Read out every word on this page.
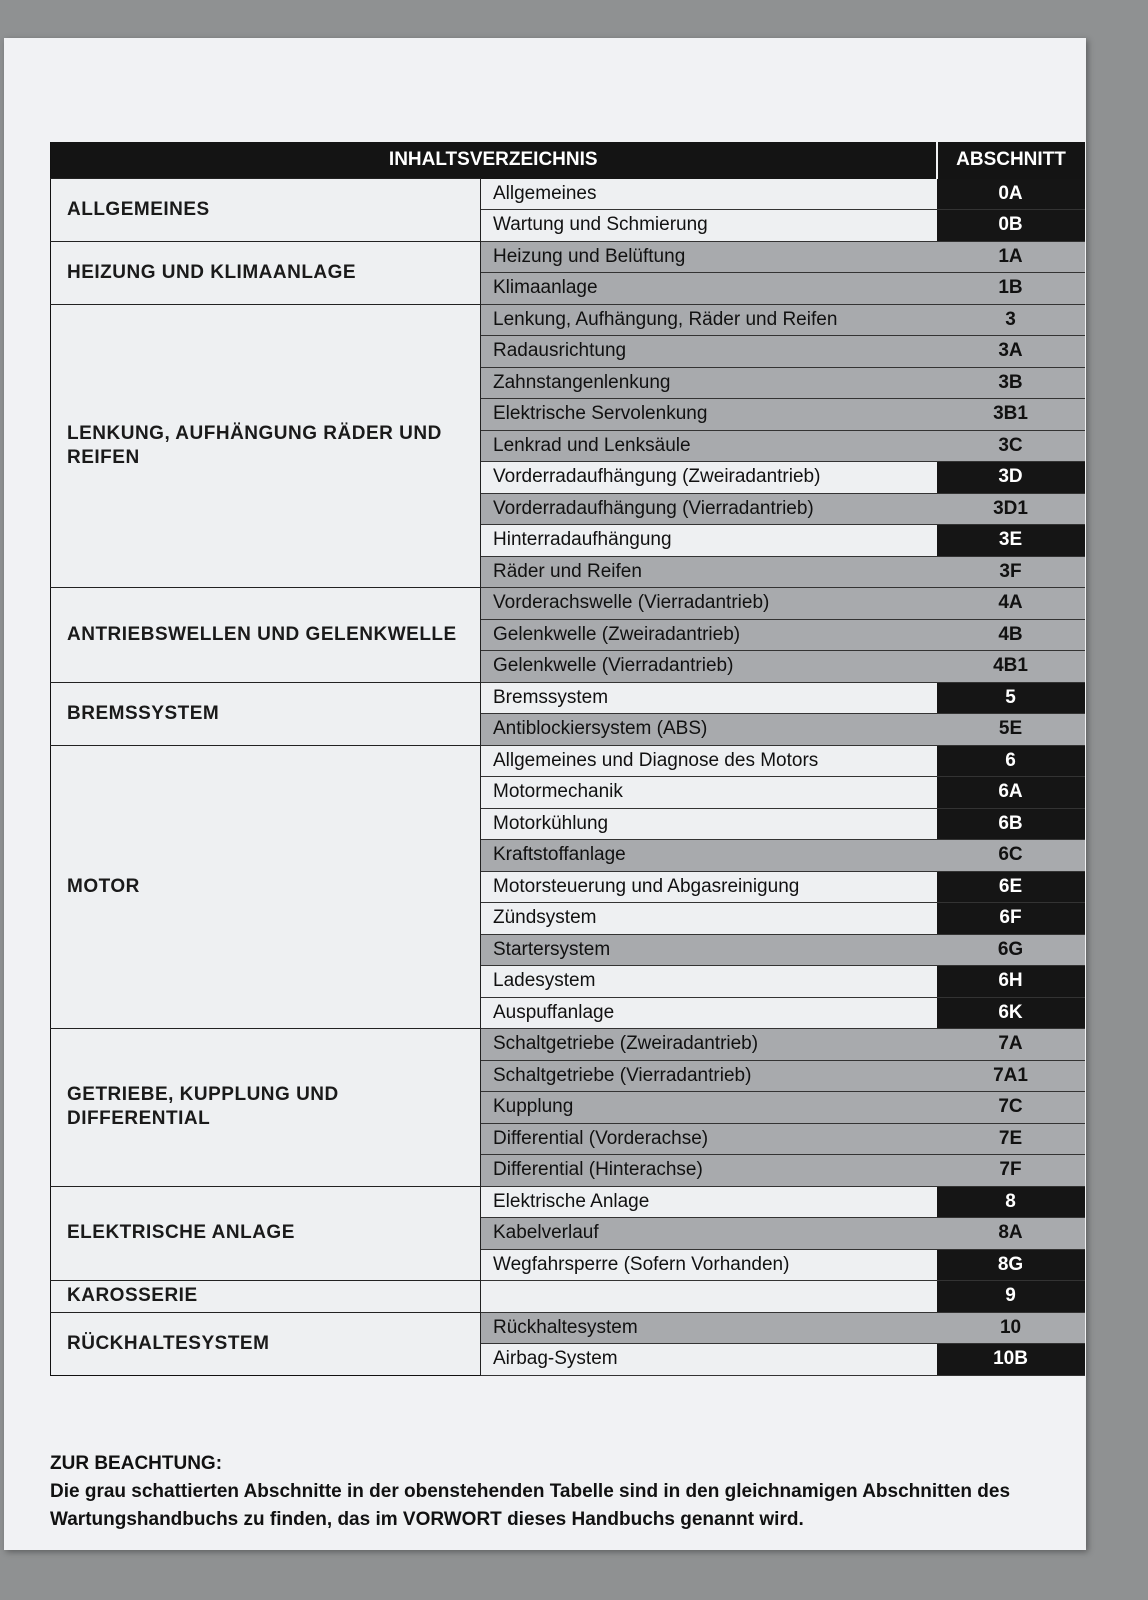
INHALTSVERZEICHNIS		ABSCHNITT
ALLGEMEINES	Allgemeines	0A
	Wartung und Schmierung	0B
HEIZUNG UND KLIMAANLAGE	Heizung und Belüftung	1A
	Klimaanlage	1B
LENKUNG, AUFHÄNGUNG RÄDER UND REIFEN	Lenkung, Aufhängung, Räder und Reifen	3
	Radausrichtung	3A
	Zahnstangenlenkung	3B
	Elektrische Servolenkung	3B1
	Lenkrad und Lenksäule	3C
	Vorderradaufhängung (Zweiradantrieb)	3D
	Vorderradaufhängung (Vierradantrieb)	3D1
	Hinterradaufhängung	3E
	Räder und Reifen	3F
ANTRIEBSWELLEN UND GELENKWELLE	Vorderachswelle (Vierradantrieb)	4A
	Gelenkwelle (Zweiradantrieb)	4B
	Gelenkwelle (Vierradantrieb)	4B1
BREMSSYSTEM	Bremssystem	5
	Antiblockiersystem (ABS)	5E
MOTOR	Allgemeines und Diagnose des Motors	6
	Motormechanik	6A
	Motorkühlung	6B
	Kraftstoffanlage	6C
	Motorsteuerung und Abgasreinigung	6E
	Zündsystem	6F
	Startersystem	6G
	Ladesystem	6H
	Auspuffanlage	6K
GETRIEBE, KUPPLUNG UND DIFFERENTIAL	Schaltgetriebe (Zweiradantrieb)	7A
	Schaltgetriebe (Vierradantrieb)	7A1
	Kupplung	7C
	Differential (Vorderachse)	7E
	Differential (Hinterachse)	7F
ELEKTRISCHE ANLAGE	Elektrische Anlage	8
	Kabelverlauf	8A
	Wegfahrsperre (Sofern Vorhanden)	8G
KAROSSERIE		9
RÜCKHALTESYSTEM	Rückhaltesystem	10
	Airbag-System	10B
ZUR BEACHTUNG:
Die grau schattierten Abschnitte in der obenstehenden Tabelle sind in den gleichnamigen Abschnitten des
Wartungshandbuchs zu finden, das im VORWORT dieses Handbuchs genannt wird.
